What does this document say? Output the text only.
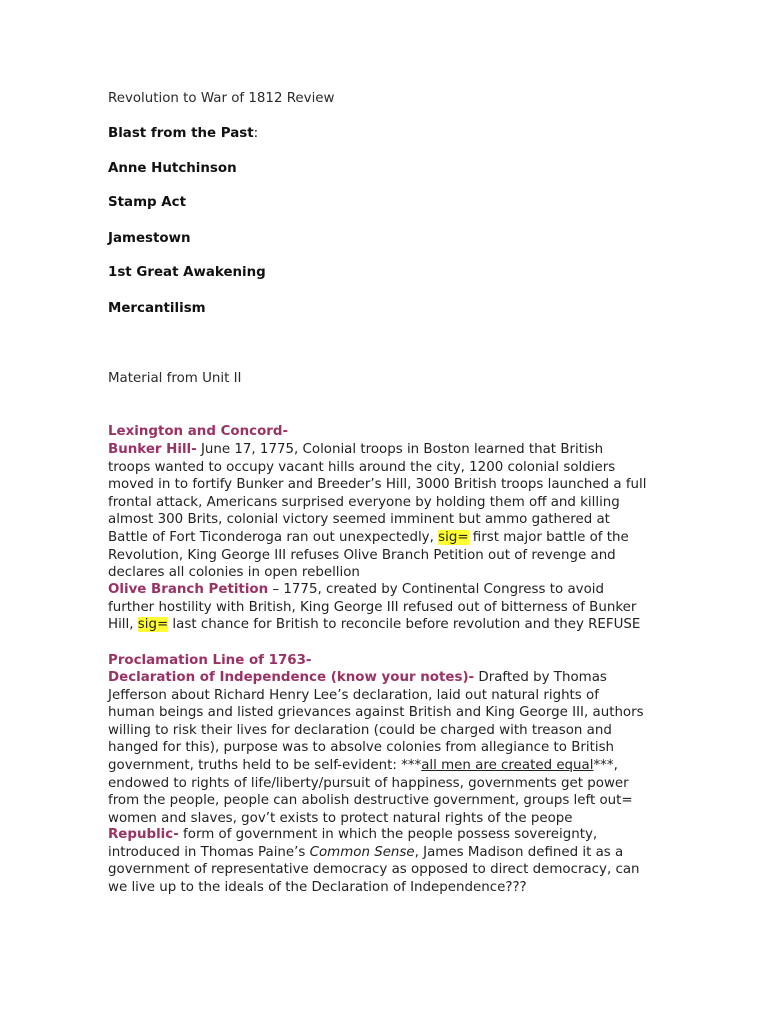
Revolution to War of 1812 Review
Blast from the Past:
Anne Hutchinson
Stamp Act
Jamestown
1st Great Awakening
Mercantilism
Material from Unit II
Lexington and Concord-
Bunker Hill- June 17, 1775, Colonial troops in Boston learned that British troops wanted to occupy vacant hills around the city, 1200 colonial soldiers moved in to fortify Bunker and Breeder’s Hill, 3000 British troops launched a full frontal attack, Americans surprised everyone by holding them off and killing almost 300 Brits, colonial victory seemed imminent but ammo gathered at Battle of Fort Ticonderoga ran out unexpectedly, sig= first major battle of the Revolution, King George III refuses Olive Branch Petition out of revenge and declares all colonies in open rebellion
Olive Branch Petition – 1775, created by Continental Congress to avoid further hostility with British, King George III refused out of bitterness of Bunker Hill, sig= last chance for British to reconcile before revolution and they REFUSE
Proclamation Line of 1763-
Declaration of Independence (know your notes)- Drafted by Thomas Jefferson about Richard Henry Lee’s declaration, laid out natural rights of human beings and listed grievances against British and King George III, authors willing to risk their lives for declaration (could be charged with treason and hanged for this), purpose was to absolve colonies from allegiance to British government, truths held to be self-evident: ***all men are created equal***, endowed to rights of life/liberty/pursuit of happiness, governments get power from the people, people can abolish destructive government, groups left out= women and slaves, gov’t exists to protect natural rights of the peope
Republic- form of government in which the people possess sovereignty, introduced in Thomas Paine’s Common Sense, James Madison defined it as a government of representative democracy as opposed to direct democracy, can we live up to the ideals of the Declaration of Independence???
